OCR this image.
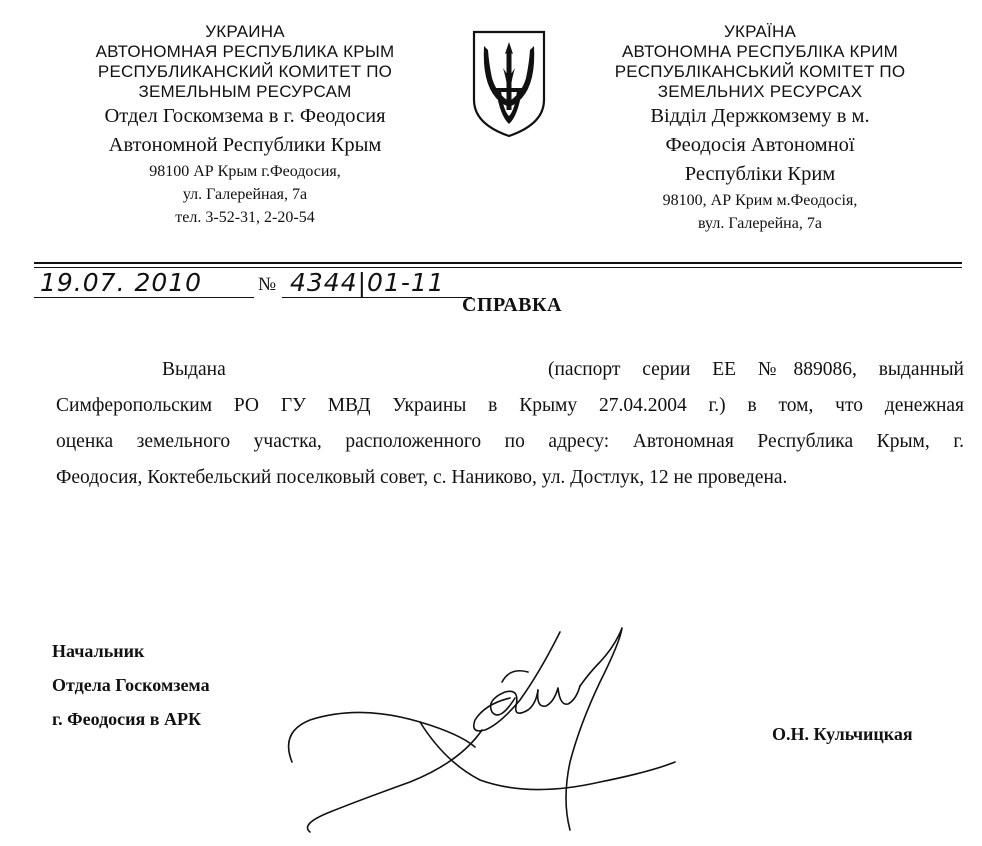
УКРАИНА
АВТОНОМНАЯ РЕСПУБЛИКА КРЫМ
РЕСПУБЛИКАНСКИЙ КОМИТЕТ ПО
ЗЕМЕЛЬНЫМ РЕСУРСАМ
Отдел Госкомзема в г. Феодосия
Автономной Республики Крым
98100 АР Крым г.Феодосия,
ул. Галерейная, 7а
тел. 3-52-31, 2-20-54
УКРАЇНА
АВТОНОМНА РЕСПУБЛІКА КРИМ
РЕСПУБЛІКАНСЬКИЙ КОМІТЕТ ПО
ЗЕМЕЛЬНИХ РЕСУРСАХ
Відділ Держкомзему в м.
Феодосія Автономної
Республіки Крим
98100, АР Крим м.Феодосія,
вул. Галерейна, 7а
19.07. 2010	№ 4344|01-11
СПРАВКА
Выдана	(паспорт серии ЕЕ №889086, выданный
Симферопольским РО ГУ МВД Украины в Крыму 27.04.2004 г.) в том, что денежная
оценка земельного участка, расположенного по адресу: Автономная Республика Крым, г.
Феодосия, Коктебельский поселковый совет, с. Наниково, ул. Достлук, 12 не проведена.
Начальник
Отдела Госкомзема
г. Феодосия в АРК
О.Н. Кульчицкая
